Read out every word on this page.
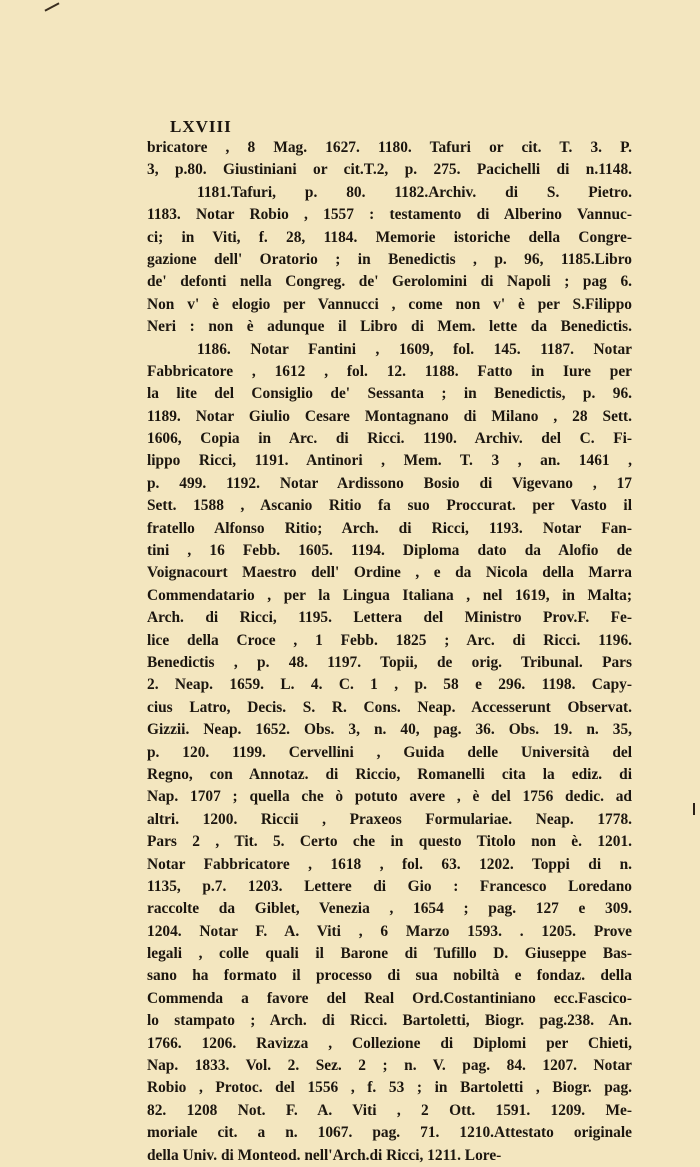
LXVIII
bricatore , 8 Mag. 1627. 1180. Tafuri or cit. T. 3. P.
3, p.80. Giustiniani or cit.T.2, p. 275. Pacichelli di n.1148.
1181.Tafuri, p. 80. 1182.Archiv. di S. Pietro.
1183. Notar Robio , 1557 : testamento di Alberino Vannuc-
ci; in Viti, f. 28, 1184. Memorie istoriche della Congre-
gazione dell' Oratorio ; in Benedictis , p. 96, 1185.Libro
de' defonti nella Congreg. de' Gerolomini di Napoli ; pag 6.
Non v' è elogio per Vannucci , come non v' è per S.Filippo
Neri : non è adunque il Libro di Mem. lette da Benedictis.
1186. Notar Fantini , 1609, fol. 145. 1187. Notar
Fabbricatore , 1612 , fol. 12. 1188. Fatto in Iure per
la lite del Consiglio de' Sessanta ; in Benedictis, p. 96.
1189. Notar Giulio Cesare Montagnano di Milano , 28 Sett.
1606, Copia in Arc. di Ricci. 1190. Archiv. del C. Fi-
lippo Ricci, 1191. Antinori , Mem. T. 3 , an. 1461 ,
p. 499. 1192. Notar Ardissono Bosio di Vigevano , 17
Sett. 1588 , Ascanio Ritio fa suo Proccurat. per Vasto il
fratello Alfonso Ritio; Arch. di Ricci, 1193. Notar Fan-
tini , 16 Febb. 1605. 1194. Diploma dato da Alofio de
Voignacourt Maestro dell' Ordine , e da Nicola della Marra
Commendatario , per la Lingua Italiana , nel 1619, in Malta;
Arch. di Ricci, 1195. Lettera del Ministro Prov.F. Fe-
lice della Croce , 1 Febb. 1825 ; Arc. di Ricci. 1196.
Benedictis , p. 48. 1197. Topii, de orig. Tribunal. Pars
2. Neap. 1659. L. 4. C. 1 , p. 58 e 296. 1198. Capy-
cius Latro, Decis. S. R. Cons. Neap. Accesserunt Observat.
Gizzii. Neap. 1652. Obs. 3, n. 40, pag. 36. Obs. 19. n. 35,
p. 120. 1199. Cervellini , Guida delle Università del
Regno, con Annotaz. di Riccio, Romanelli cita la ediz. di
Nap. 1707 ; quella che ò potuto avere , è del 1756 dedic. ad
altri. 1200. Riccii , Praxeos Formulariae. Neap. 1778.
Pars 2 , Tit. 5. Certo che in questo Titolo non è. 1201.
Notar Fabbricatore , 1618 , fol. 63. 1202. Toppi di n.
1135, p.7. 1203. Lettere di Gio : Francesco Loredano
raccolte da Giblet, Venezia , 1654 ; pag. 127 e 309.
1204. Notar F. A. Viti , 6 Marzo 1593. . 1205. Prove
legali , colle quali il Barone di Tufillo D. Giuseppe Bas-
sano ha formato il processo di sua nobiltà e fondaz. della
Commenda a favore del Real Ord.Costantiniano ecc.Fascico-
lo stampato ; Arch. di Ricci. Bartoletti, Biogr. pag.238. An.
1766. 1206. Ravizza , Collezione di Diplomi per Chieti,
Nap. 1833. Vol. 2. Sez. 2 ; n. V. pag. 84. 1207. Notar
Robio , Protoc. del 1556 , f. 53 ; in Bartoletti , Biogr. pag.
82. 1208 Not. F. A. Viti , 2 Ott. 1591. 1209. Me-
moriale cit. a n. 1067. pag. 71. 1210.Attestato originale
della Univ. di Monteod. nell'Arch.di Ricci, 1211. Lore-
